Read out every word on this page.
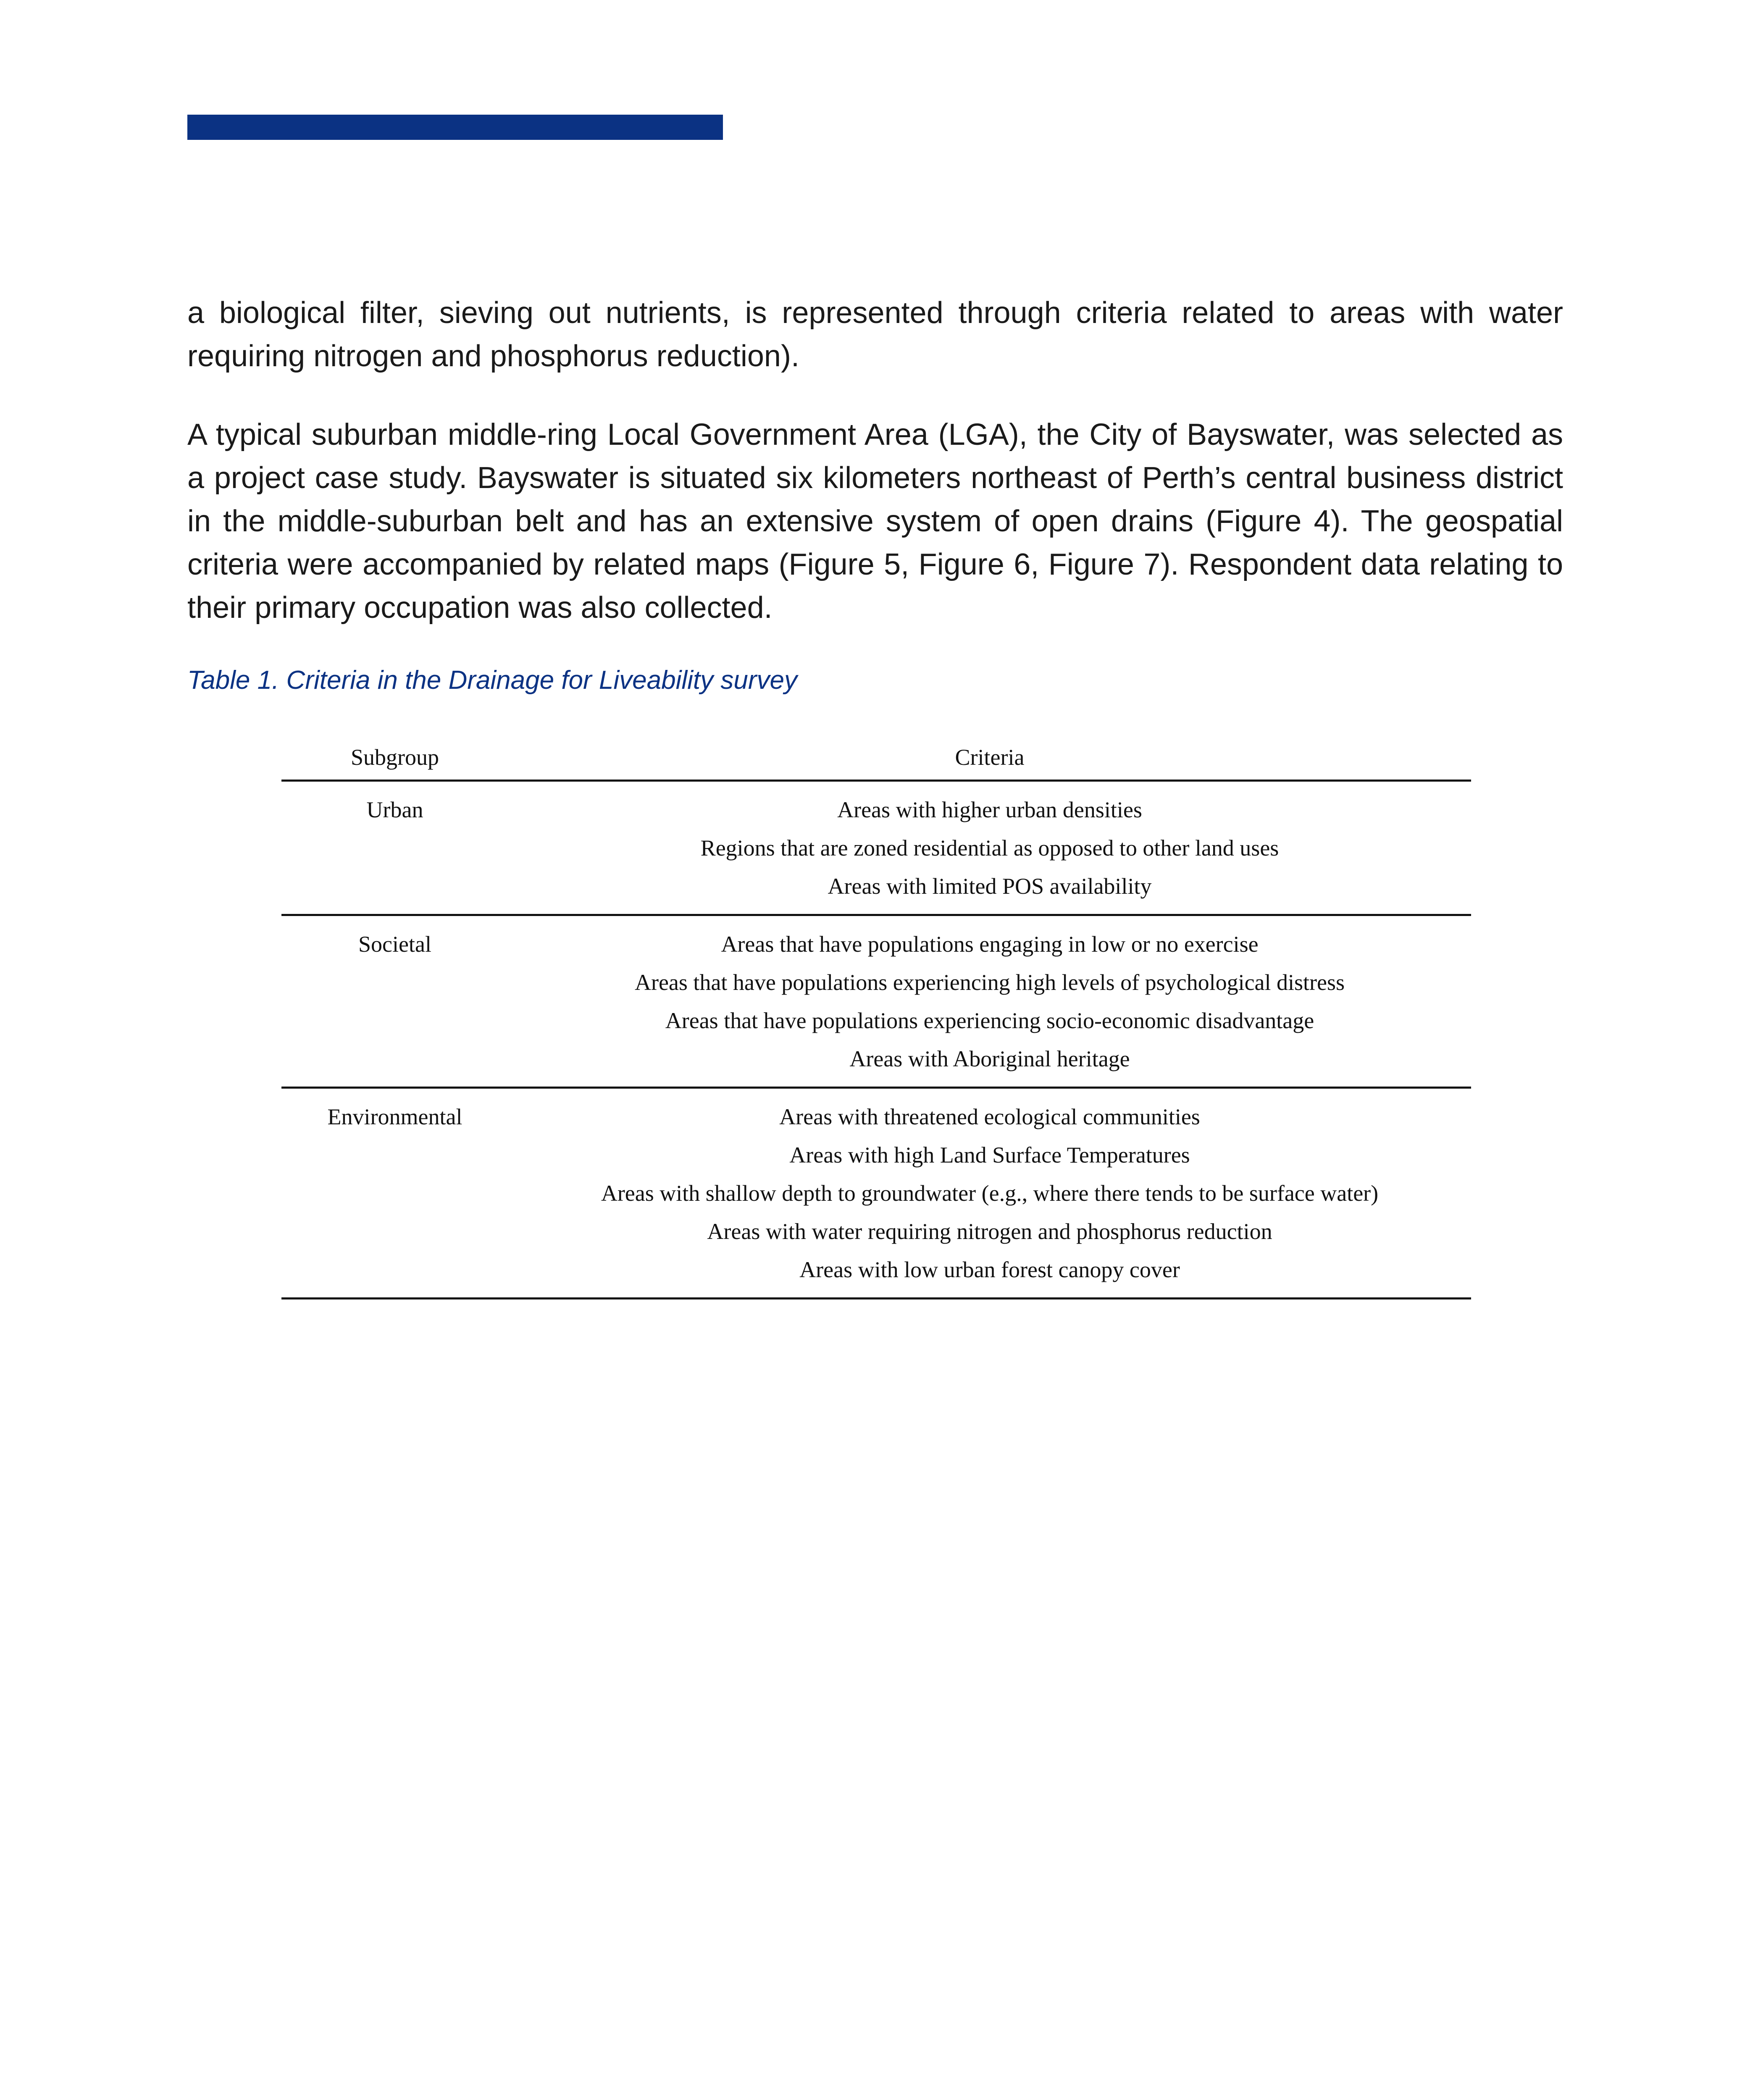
a biological filter, sieving out nutrients, is represented through criteria related to areas with water requiring nitrogen and phosphorus reduction).

A typical suburban middle-ring Local Government Area (LGA), the City of Bayswater, was selected as a project case study. Bayswater is situated six kilometers northeast of Perth’s central business district in the middle-suburban belt and has an extensive system of open drains (Figure 4). The geospatial criteria were accompanied by related maps (Figure 5, Figure 6, Figure 7). Respondent data relating to their primary occupation was also collected.

Table 1. Criteria in the Drainage for Liveability survey

Subgroup	Criteria
Urban	Areas with higher urban densities
Regions that are zoned residential as opposed to other land uses
Areas with limited POS availability

Societal	Areas that have populations engaging in low or no exercise
Areas that have populations experiencing high levels of psychological distress
Areas that have populations experiencing socio-economic disadvantage
Areas with Aboriginal heritage

Environmental	Areas with threatened ecological communities
Areas with high Land Surface Temperatures
Areas with shallow depth to groundwater (e.g., where there tends to be surface water)
Areas with water requiring nitrogen and phosphorus reduction
Areas with low urban forest canopy cover
